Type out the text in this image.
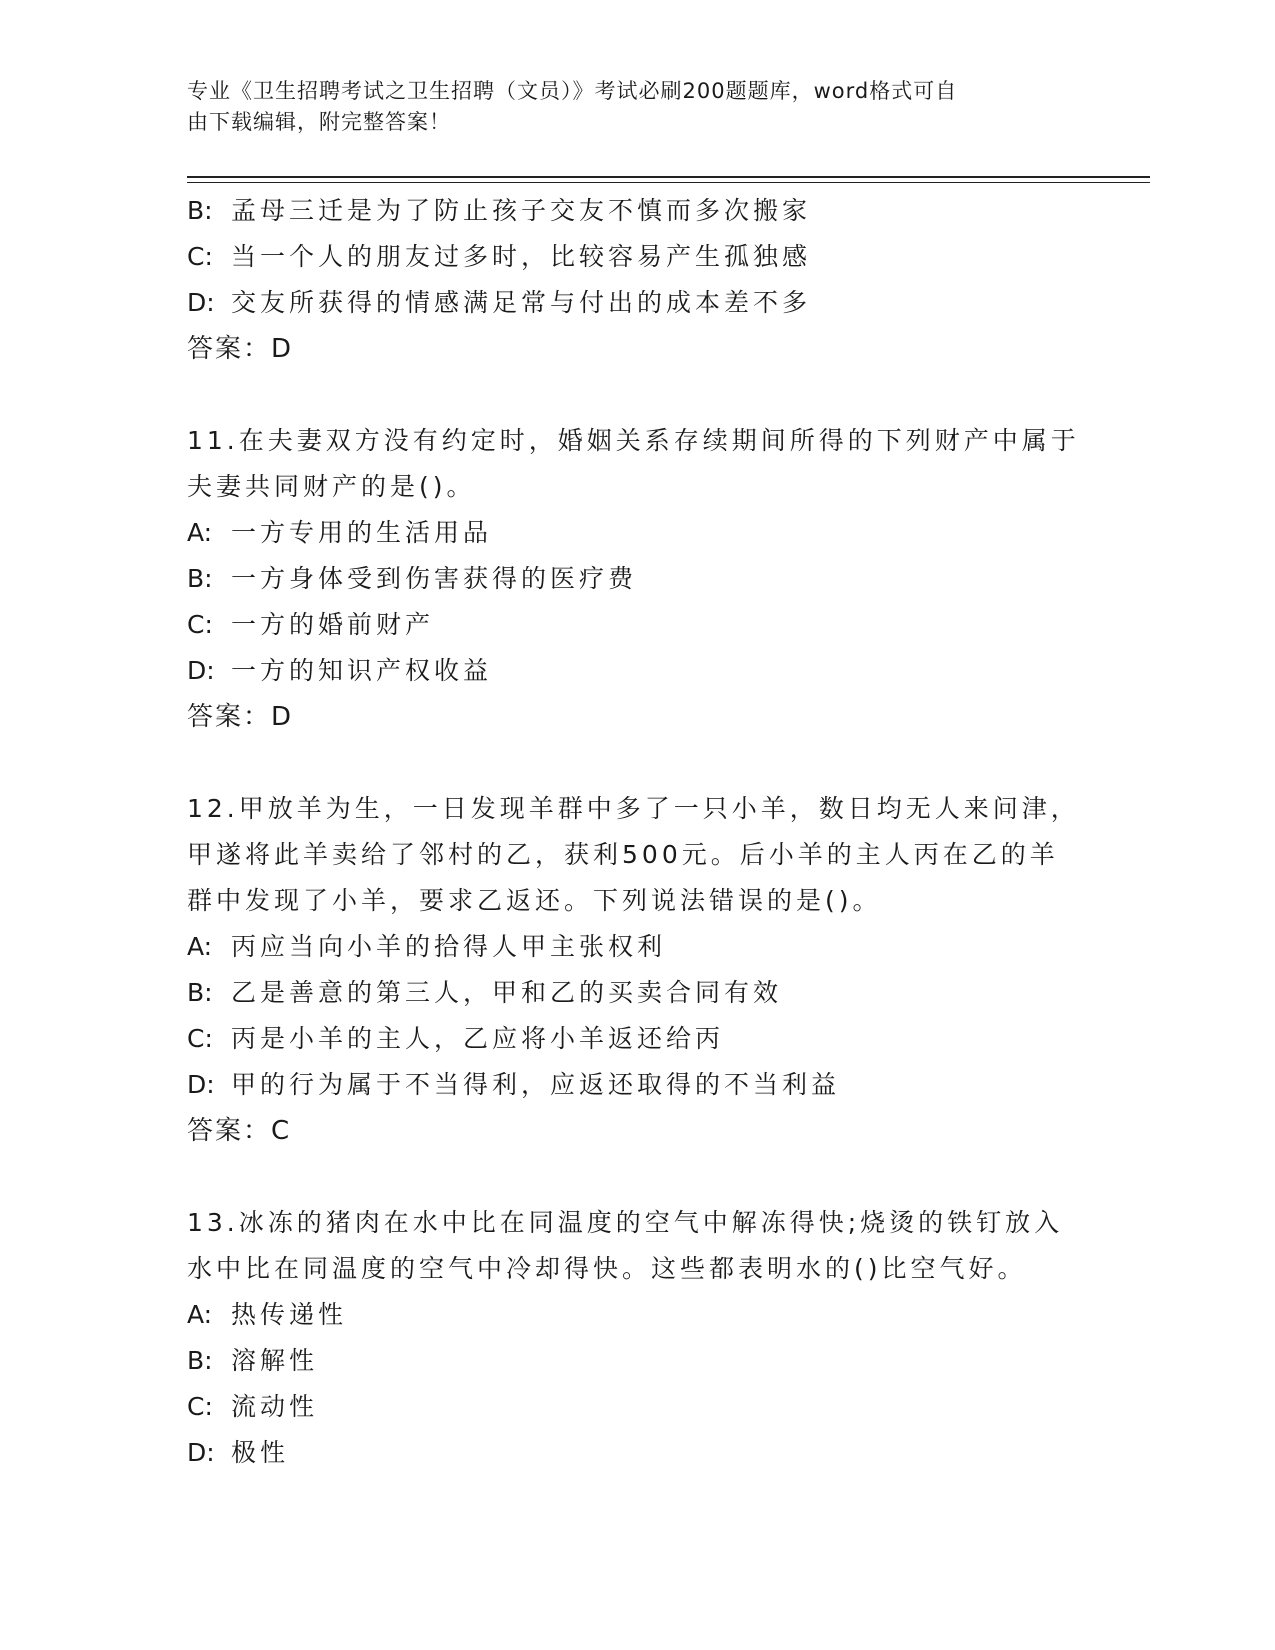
专业《卫生招聘考试之卫生招聘（文员）》考试必刷200题题库，word格式可自
由下载编辑，附完整答案！
B: 孟母三迁是为了防止孩子交友不慎而多次搬家
C: 当一个人的朋友过多时，比较容易产生孤独感
D: 交友所获得的情感满足常与付出的成本差不多
答案：D
11.在夫妻双方没有约定时，婚姻关系存续期间所得的下列财产中属于
夫妻共同财产的是()。
A: 一方专用的生活用品
B: 一方身体受到伤害获得的医疗费
C: 一方的婚前财产
D: 一方的知识产权收益
答案：D
12.甲放羊为生，一日发现羊群中多了一只小羊，数日均无人来问津，
甲遂将此羊卖给了邻村的乙，获利500元。后小羊的主人丙在乙的羊
群中发现了小羊，要求乙返还。下列说法错误的是()。
A: 丙应当向小羊的拾得人甲主张权利
B: 乙是善意的第三人，甲和乙的买卖合同有效
C: 丙是小羊的主人，乙应将小羊返还给丙
D: 甲的行为属于不当得利，应返还取得的不当利益
答案：C
13.冰冻的猪肉在水中比在同温度的空气中解冻得快;烧烫的铁钉放入
水中比在同温度的空气中冷却得快。这些都表明水的()比空气好。
A: 热传递性
B: 溶解性
C: 流动性
D: 极性
